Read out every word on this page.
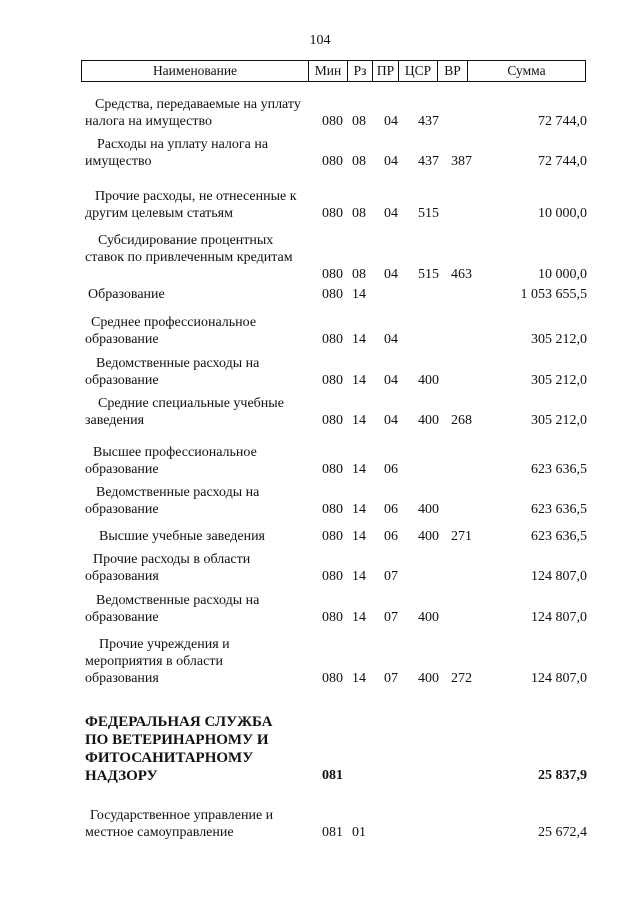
104
Наименование	Мин Рз ПР ЦСР ВР	Сумма
Средства, передаваемые на уплату налога на имущество	080 08 04 437	72 744,0
Расходы на уплату налога на имущество	080 08 04 437 387	72 744,0
Прочие расходы, не отнесенные к другим целевым статьям	080 08 04 515	10 000,0
Субсидирование процентных ставок по привлеченным кредитам
080 08 04 515 463	10 000,0
Образование	080 14	1 053 655,5
Среднее профессиональное образование	080 14 04	305 212,0
Ведомственные расходы на образование	080 14 04 400	305 212,0
Средние специальные учебные заведения	080 14 04 400 268	305 212,0
Высшее профессиональное образование	080 14 06	623 636,5
Ведомственные расходы на образование	080 14 06 400	623 636,5
Высшие учебные заведения	080 14 06 400 271	623 636,5
Прочие расходы в области образования	080 14 07	124 807,0
Ведомственные расходы на образование	080 14 07 400	124 807,0
Прочие учреждения и мероприятия в области образования	080 14 07 400 272	124 807,0
ФЕДЕРАЛЬНАЯ СЛУЖБА ПО ВЕТЕРИНАРНОМУ И ФИТОСАНИТАРНОМУ НАДЗОРУ	081	25 837,9
Государственное управление и местное самоуправление	081 01	25 672,4
